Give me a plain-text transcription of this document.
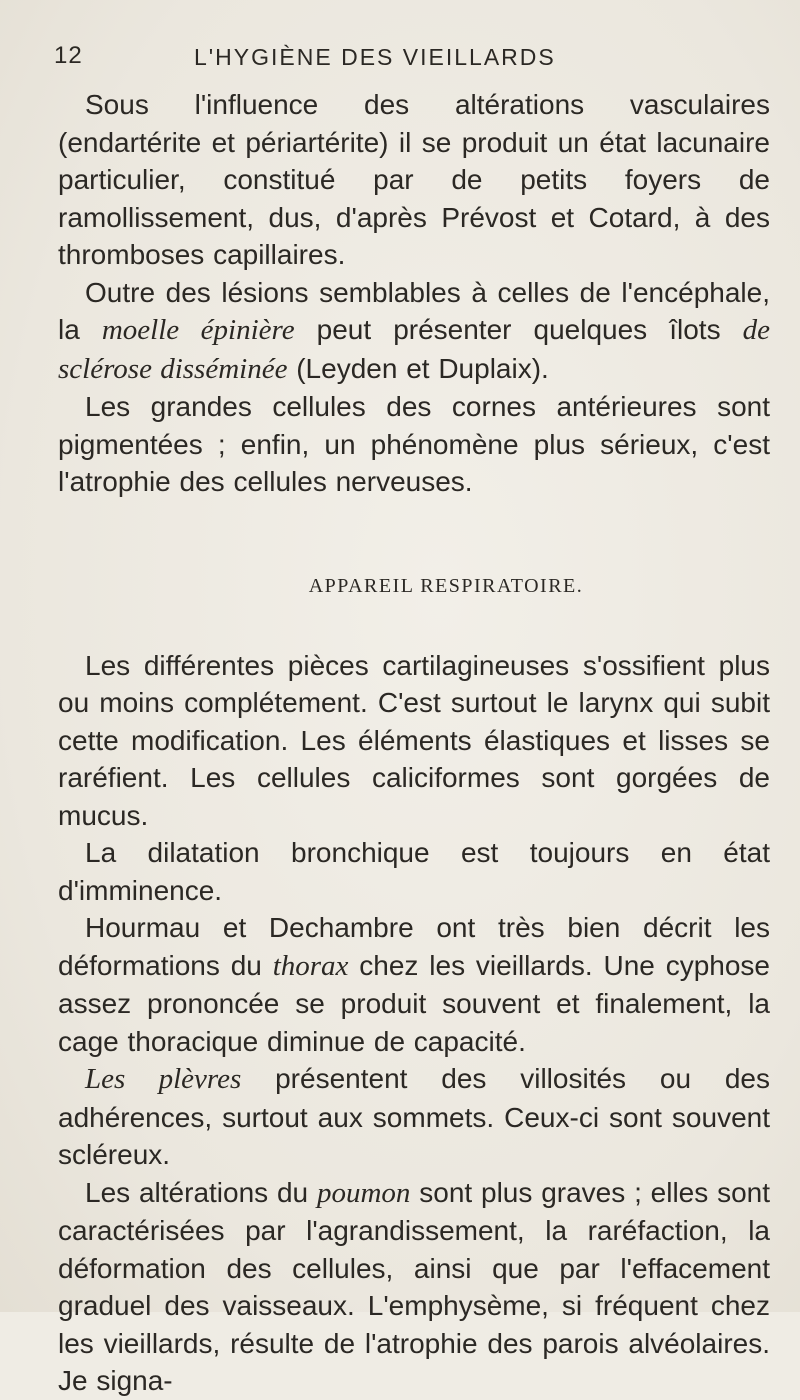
12	L'HYGIÈNE DES VIEILLARDS

Sous l'influence des altérations vasculaires (endartérite et périartérite) il se produit un état lacunaire particulier, constitué par de petits foyers de ramollissement, dus, d'après Prévost et Cotard, à des thromboses capillaires.

Outre des lésions semblables à celles de l'encéphale, la moelle épinière peut présenter quelques îlots de sclérose disséminée (Leyden et Duplaix).

Les grandes cellules des cornes antérieures sont pigmentées ; enfin, un phénomène plus sérieux, c'est l'atrophie des cellules nerveuses.

APPAREIL RESPIRATOIRE.

Les différentes pièces cartilagineuses s'ossifient plus ou moins complétement. C'est surtout le larynx qui subit cette modification. Les éléments élastiques et lisses se raréfient. Les cellules caliciformes sont gorgées de mucus.

La dilatation bronchique est toujours en état d'imminence.

Hourmau et Dechambre ont très bien décrit les déformations du thorax chez les vieillards. Une cyphose assez prononcée se produit souvent et finalement, la cage thoracique diminue de capacité.

Les plèvres présentent des villosités ou des adhérences, surtout aux sommets. Ceux-ci sont souvent scléreux.

Les altérations du poumon sont plus graves ; elles sont caractérisées par l'agrandissement, la raréfaction, la déformation des cellules, ainsi que par l'effacement graduel des vaisseaux. L'emphysème, si fréquent chez les vieillards, résulte de l'atrophie des parois alvéolaires. Je signa-
